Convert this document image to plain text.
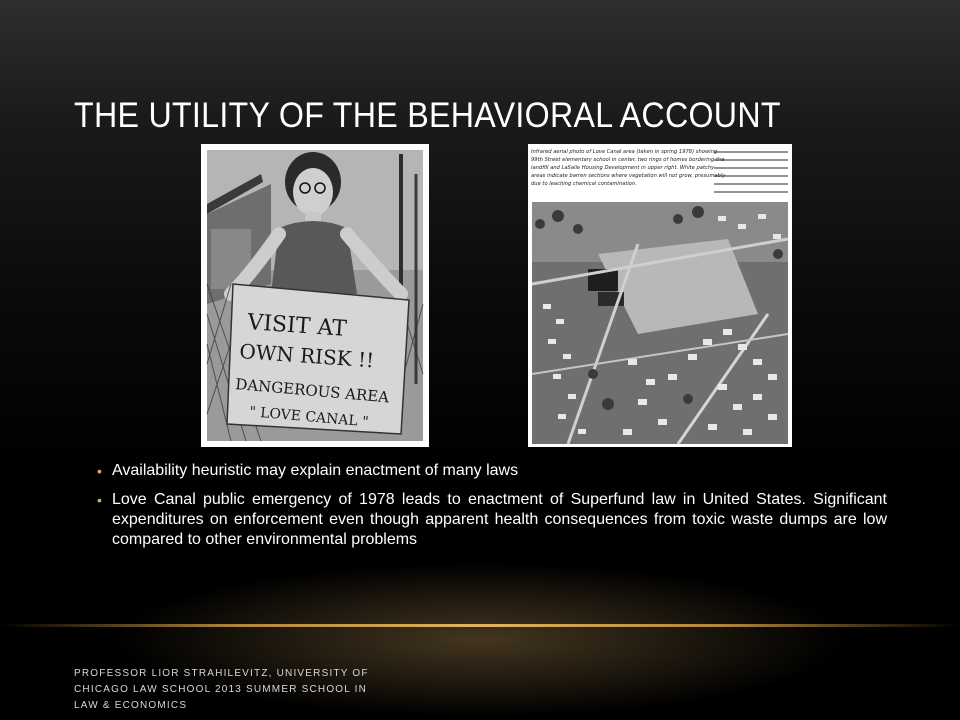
THE UTILITY OF THE BEHAVIORAL ACCOUNT
VISIT AT
OWN RISK !!
DANGEROUS AREA
" LOVE CANAL "
Infrared aerial photo of Love Canal area (taken in spring 1978) showing
99th Street elementary school in center, two rings of homes bordering the
landfill and LaSalle Housing Development in upper right. White patchy
areas indicate barren sections where vegetation will not grow, presumably
due to leaching chemical contamination.
• Availability heuristic may explain enactment of many laws
• Love Canal public emergency of 1978 leads to enactment of Superfund law in United States. Significant expenditures on enforcement even though apparent health consequences from toxic waste dumps are low compared to other environmental problems
PROFESSOR LIOR STRAHILEVITZ, UNIVERSITY OF CHICAGO LAW SCHOOL 2013 SUMMER SCHOOL IN LAW & ECONOMICS
